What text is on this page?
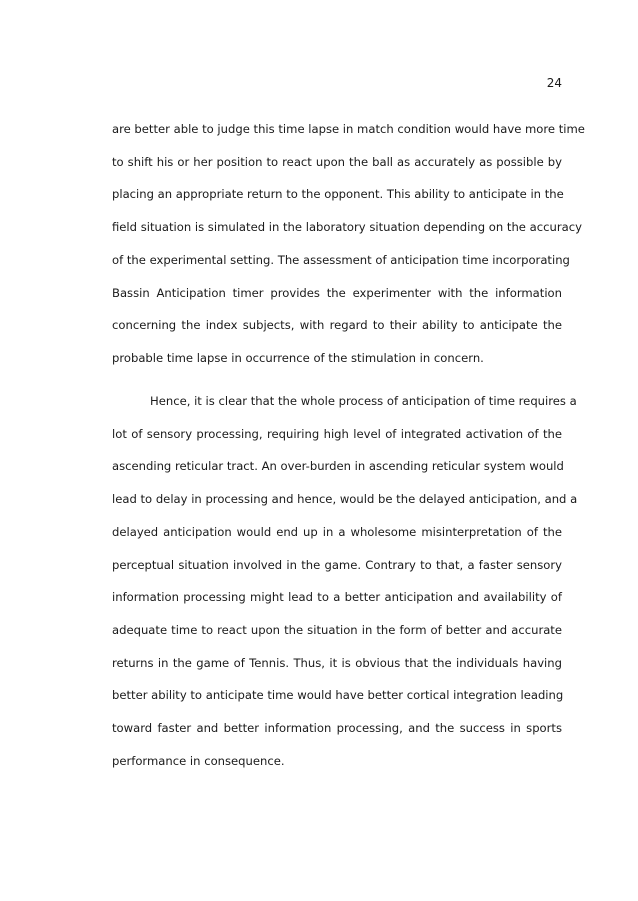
24
are better able to judge this time lapse in match condition would have more time
to shift his or her position to react upon the ball as accurately as possible by
placing an appropriate return to the opponent. This ability to anticipate in the
field situation is simulated in the laboratory situation depending on the accuracy
of the experimental setting. The assessment of anticipation time incorporating
Bassin Anticipation timer provides the experimenter with the information
concerning the index subjects, with regard to their ability to anticipate the
probable time lapse in occurrence of the stimulation in concern.
Hence, it is clear that the whole process of anticipation of time requires a
lot of sensory processing, requiring high level of integrated activation of the
ascending reticular tract. An over-burden in ascending reticular system would
lead to delay in processing and hence, would be the delayed anticipation, and a
delayed anticipation would end up in a wholesome misinterpretation of the
perceptual situation involved in the game. Contrary to that, a faster sensory
information processing might lead to a better anticipation and availability of
adequate time to react upon the situation in the form of better and accurate
returns in the game of Tennis. Thus, it is obvious that the individuals having
better ability to anticipate time would have better cortical integration leading
toward faster and better information processing, and the success in sports
performance in consequence.
